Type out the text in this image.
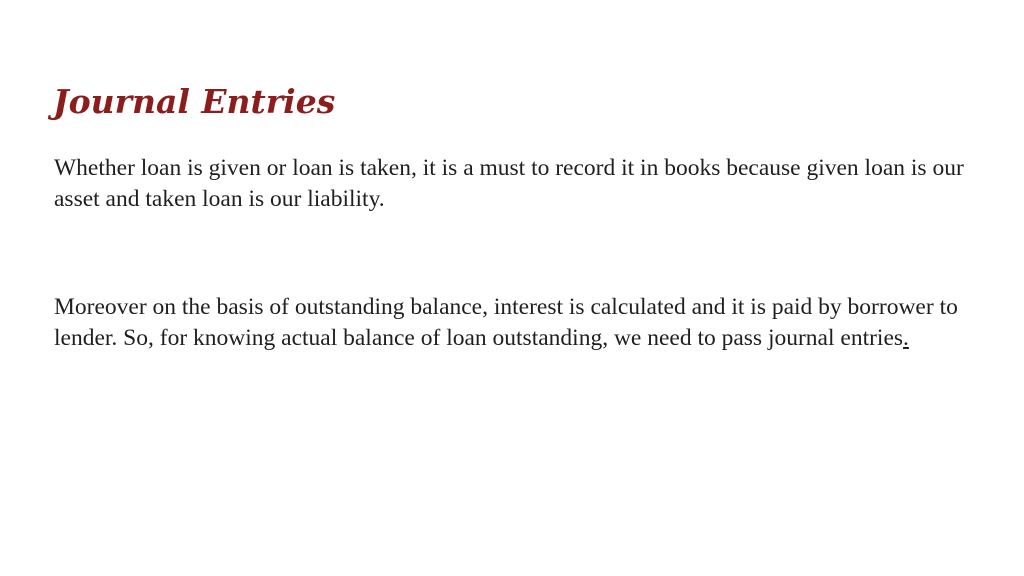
Journal Entries

Whether loan is given or loan is taken, it is a must to record it in books because given loan is our asset and taken loan is our liability.

Moreover on the basis of outstanding balance, interest is calculated and it is paid by borrower to lender. So, for knowing actual balance of loan outstanding, we need to pass journal entries.
